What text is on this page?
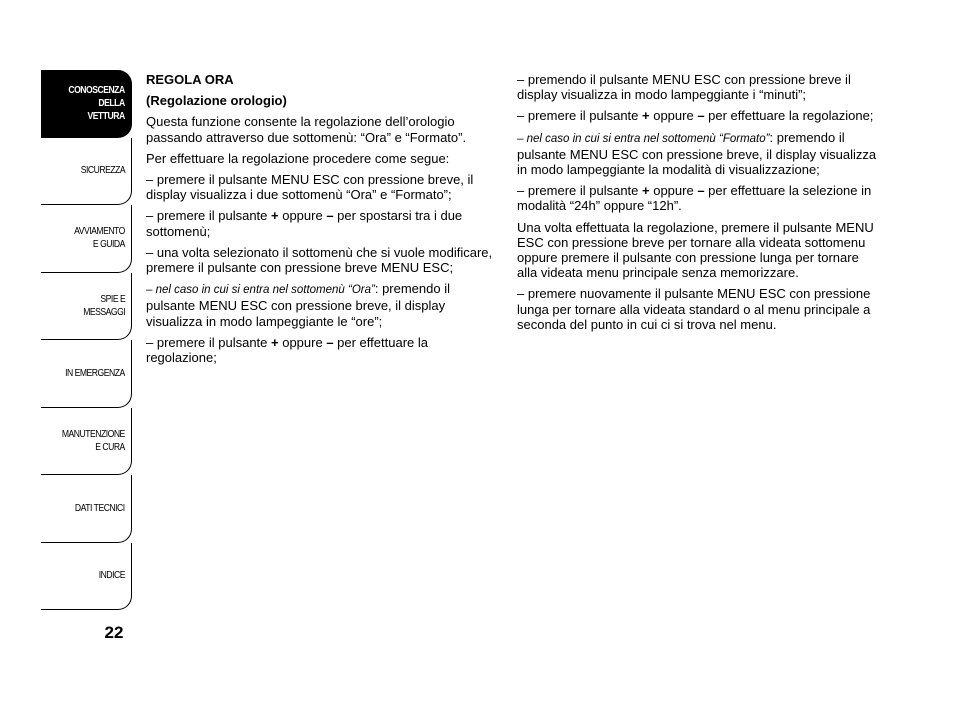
CONOSCENZA
DELLA
VETTURA
SICUREZZA
AVVIAMENTO
E GUIDA
SPIE E
MESSAGGI
IN EMERGENZA
MANUTENZIONE
E CURA
DATI TECNICI
INDICE
22

REGOLA ORA

(Regolazione orologio)

Questa funzione consente la regolazione dell’orologio passando attraverso due sottomenù: “Ora” e “Formato”.

Per effettuare la regolazione procedere come segue:

– premere il pulsante MENU ESC con pressione breve, il display visualizza i due sottomenù “Ora” e “Formato”;

– premere il pulsante + oppure – per spostarsi tra i due sottomenù;

– una volta selezionato il sottomenù che si vuole modificare, premere il pulsante con pressione breve MENU ESC;

– nel caso in cui si entra nel sottomenù “Ora”: premendo il pulsante MENU ESC con pressione breve, il display visualizza in modo lampeggiante le “ore”;

– premere il pulsante + oppure – per effettuare la regolazione;

– premendo il pulsante MENU ESC con pressione breve il display visualizza in modo lampeggiante i “minuti”;

– premere il pulsante + oppure – per effettuare la regolazione;

– nel caso in cui si entra nel sottomenù “Formato”: premendo il pulsante MENU ESC con pressione breve, il display visualizza in modo lampeggiante la modalità di visualizzazione;

– premere il pulsante + oppure – per effettuare la selezione in modalità “24h” oppure “12h”.

Una volta effettuata la regolazione, premere il pulsante MENU ESC con pressione breve per tornare alla videata sottomenu oppure premere il pulsante con pressione lunga per tornare alla videata menu principale senza memorizzare.

– premere nuovamente il pulsante MENU ESC con pressione lunga per tornare alla videata standard o al menu principale a seconda del punto in cui ci si trova nel menu.
